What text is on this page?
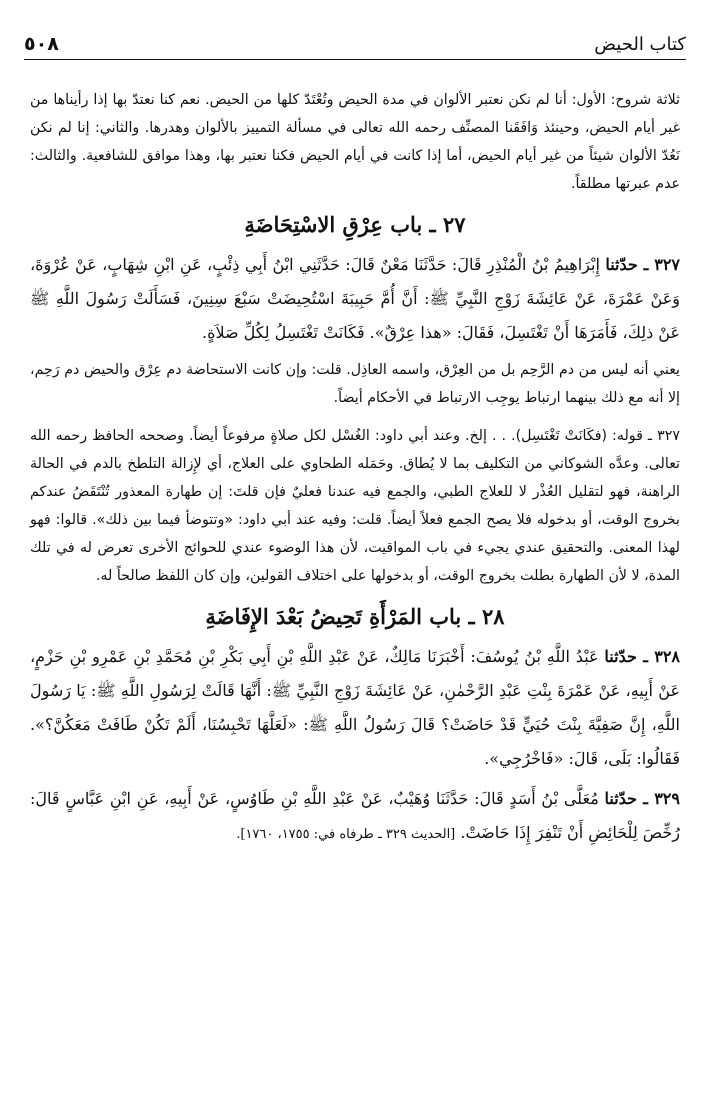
كتاب الحيض
٥٠٨

ثلاثة شروح: الأول: أنا لم نكن نعتبر الألوان في مدة الحيض وتُعْتَدّ كلها من الحيض. نعم كنا نعتدّ بها إذا رأيناها من غير أيام الحيض، وحينئذ وَافَقَنا المصنِّف رحمه الله تعالى في مسألة التمييز بالألوان وهدرها. والثاني: إنا لم نكن نَعُدّ الألوان شيئاً من غير أيام الحيض، أما إذا كانت في أيام الحيض فكنا نعتبر بها، وهذا موافق للشافعية. والثالث: عدم عبرتها مطلقاً.

٢٧ ـ باب عِرْقِ الاسْتِحَاضَةِ

٣٢٧ ـ حدّثنا إِبْرَاهِيمُ بْنُ الْمُنْذِرِ قَالَ: حَدَّثَنَا مَعْنٌ قَالَ: حَدَّثَنِي ابْنُ أَبِي ذِئْبٍ، عَنِ ابْنِ شِهَابٍ، عَنْ عُرْوَةَ، وَعَنْ عَمْرَةَ، عَنْ عَائِشَةَ زَوْجِ النَّبِيِّ ﷺ: أَنَّ أُمَّ حَبِيبَةَ اسْتُحِيضَتْ سَبْعَ سِنِينَ، فَسَأَلَتْ رَسُولَ اللَّهِ ﷺ عَنْ ذلِكَ، فَأَمَرَهَا أَنْ تَغْتَسِلَ، فَقَالَ: «هذا عِرْقٌ». فَكَانَتْ تَغْتَسِلُ لِكُلِّ صَلاَةٍ.

يعني أنه ليس من دم الرَّحِم بل من العِرْق، واسمه العاذِل. قلت: وإن كانت الاستحاضة دم عِرْق والحيض دم رَحِم، إلا أنه مع ذلك بينهما ارتباط يوجِب الارتباط في الأحكام أيضاً.

٣٢٧ ـ قوله: (فكَانَتْ تَغْتَسِل). . . إلخ. وعند أبي داود: الغُسْل لكل صلاةٍ مرفوعاً أيضاً. وصححه الحافظ رحمه الله تعالى. وعدَّه الشوكاني من التكليف بما لا يُطاق. وحَمَله الطحاوي على العلاج، أي لإِزالة التلطخ بالدم في الحالة الراهنة، فهو لتقليل العُذْر لا للعلاج الطبي، والجمع فيه عندنا فعليٌ فإن قلتَ: إن طهارة المعذور تُنْتَقَضُ عندكم بخروج الوقت، أو بدخوله فلا يصح الجمع فعلاً أيضاً. قلت: وفيه عند أبي داود: «وتتوضأ فيما بين ذلك». قالوا: فهو لهذا المعنى. والتحقيق عندي يجيء في باب المواقيت، لأن هذا الوضوء عندي للحوائج الأخرى تعرض له في تلك المدة، لا لأن الطهارة بطلت بخروج الوقت، أو بدخولها على اختلاف القولين، وإن كان اللفظ صالحاً له.

٢٨ ـ باب المَرْأَةِ تَحِيضُ بَعْدَ الإِفَاضَةِ

٣٢٨ ـ حدّثنا عَبْدُ اللَّهِ بْنُ يُوسُفَ: أَخْبَرَنَا مَالِكٌ، عَنْ عَبْدِ اللَّهِ بْنِ أَبِي بَكْرِ بْنِ مُحَمَّدِ بْنِ عَمْرِو بْنِ حَزْمٍ، عَنْ أَبِيهِ، عَنْ عَمْرَةَ بِنْتِ عَبْدِ الرَّحْمٰنِ، عَنْ عَائِشَةَ زَوْجِ النَّبِيِّ ﷺ: أَنَّهَا قَالَتْ لِرَسُولِ اللَّهِ ﷺ: يَا رَسُولَ اللَّهِ، إِنَّ صَفِيَّةَ بِنْتَ حُيَيٍّ قَدْ حَاضَتْ؟ قَالَ رَسُولُ اللَّهِ ﷺ: «لَعَلَّهَا تَحْبِسُنَا، أَلَمْ تَكُنْ طَافَتْ مَعَكُنَّ؟». فَقَالُوا: بَلَى، قَالَ: «فَاخْرُجِي».

٣٢٩ ـ حدّثنا مُعَلَّى بْنُ أَسَدٍ قَالَ: حَدَّثَنَا وُهَيْبٌ، عَنْ عَبْدِ اللَّهِ بْنِ طَاوُسٍ، عَنْ أَبِيهِ، عَنِ ابْنِ عَبَّاسٍ قَالَ: رُخِّصَ لِلْحَائِضِ أَنْ تَنْفِرَ إِذَا حَاضَتْ. [الحديث ٣٢٩ ـ طرفاه في: ١٧٥٥، ١٧٦٠].
